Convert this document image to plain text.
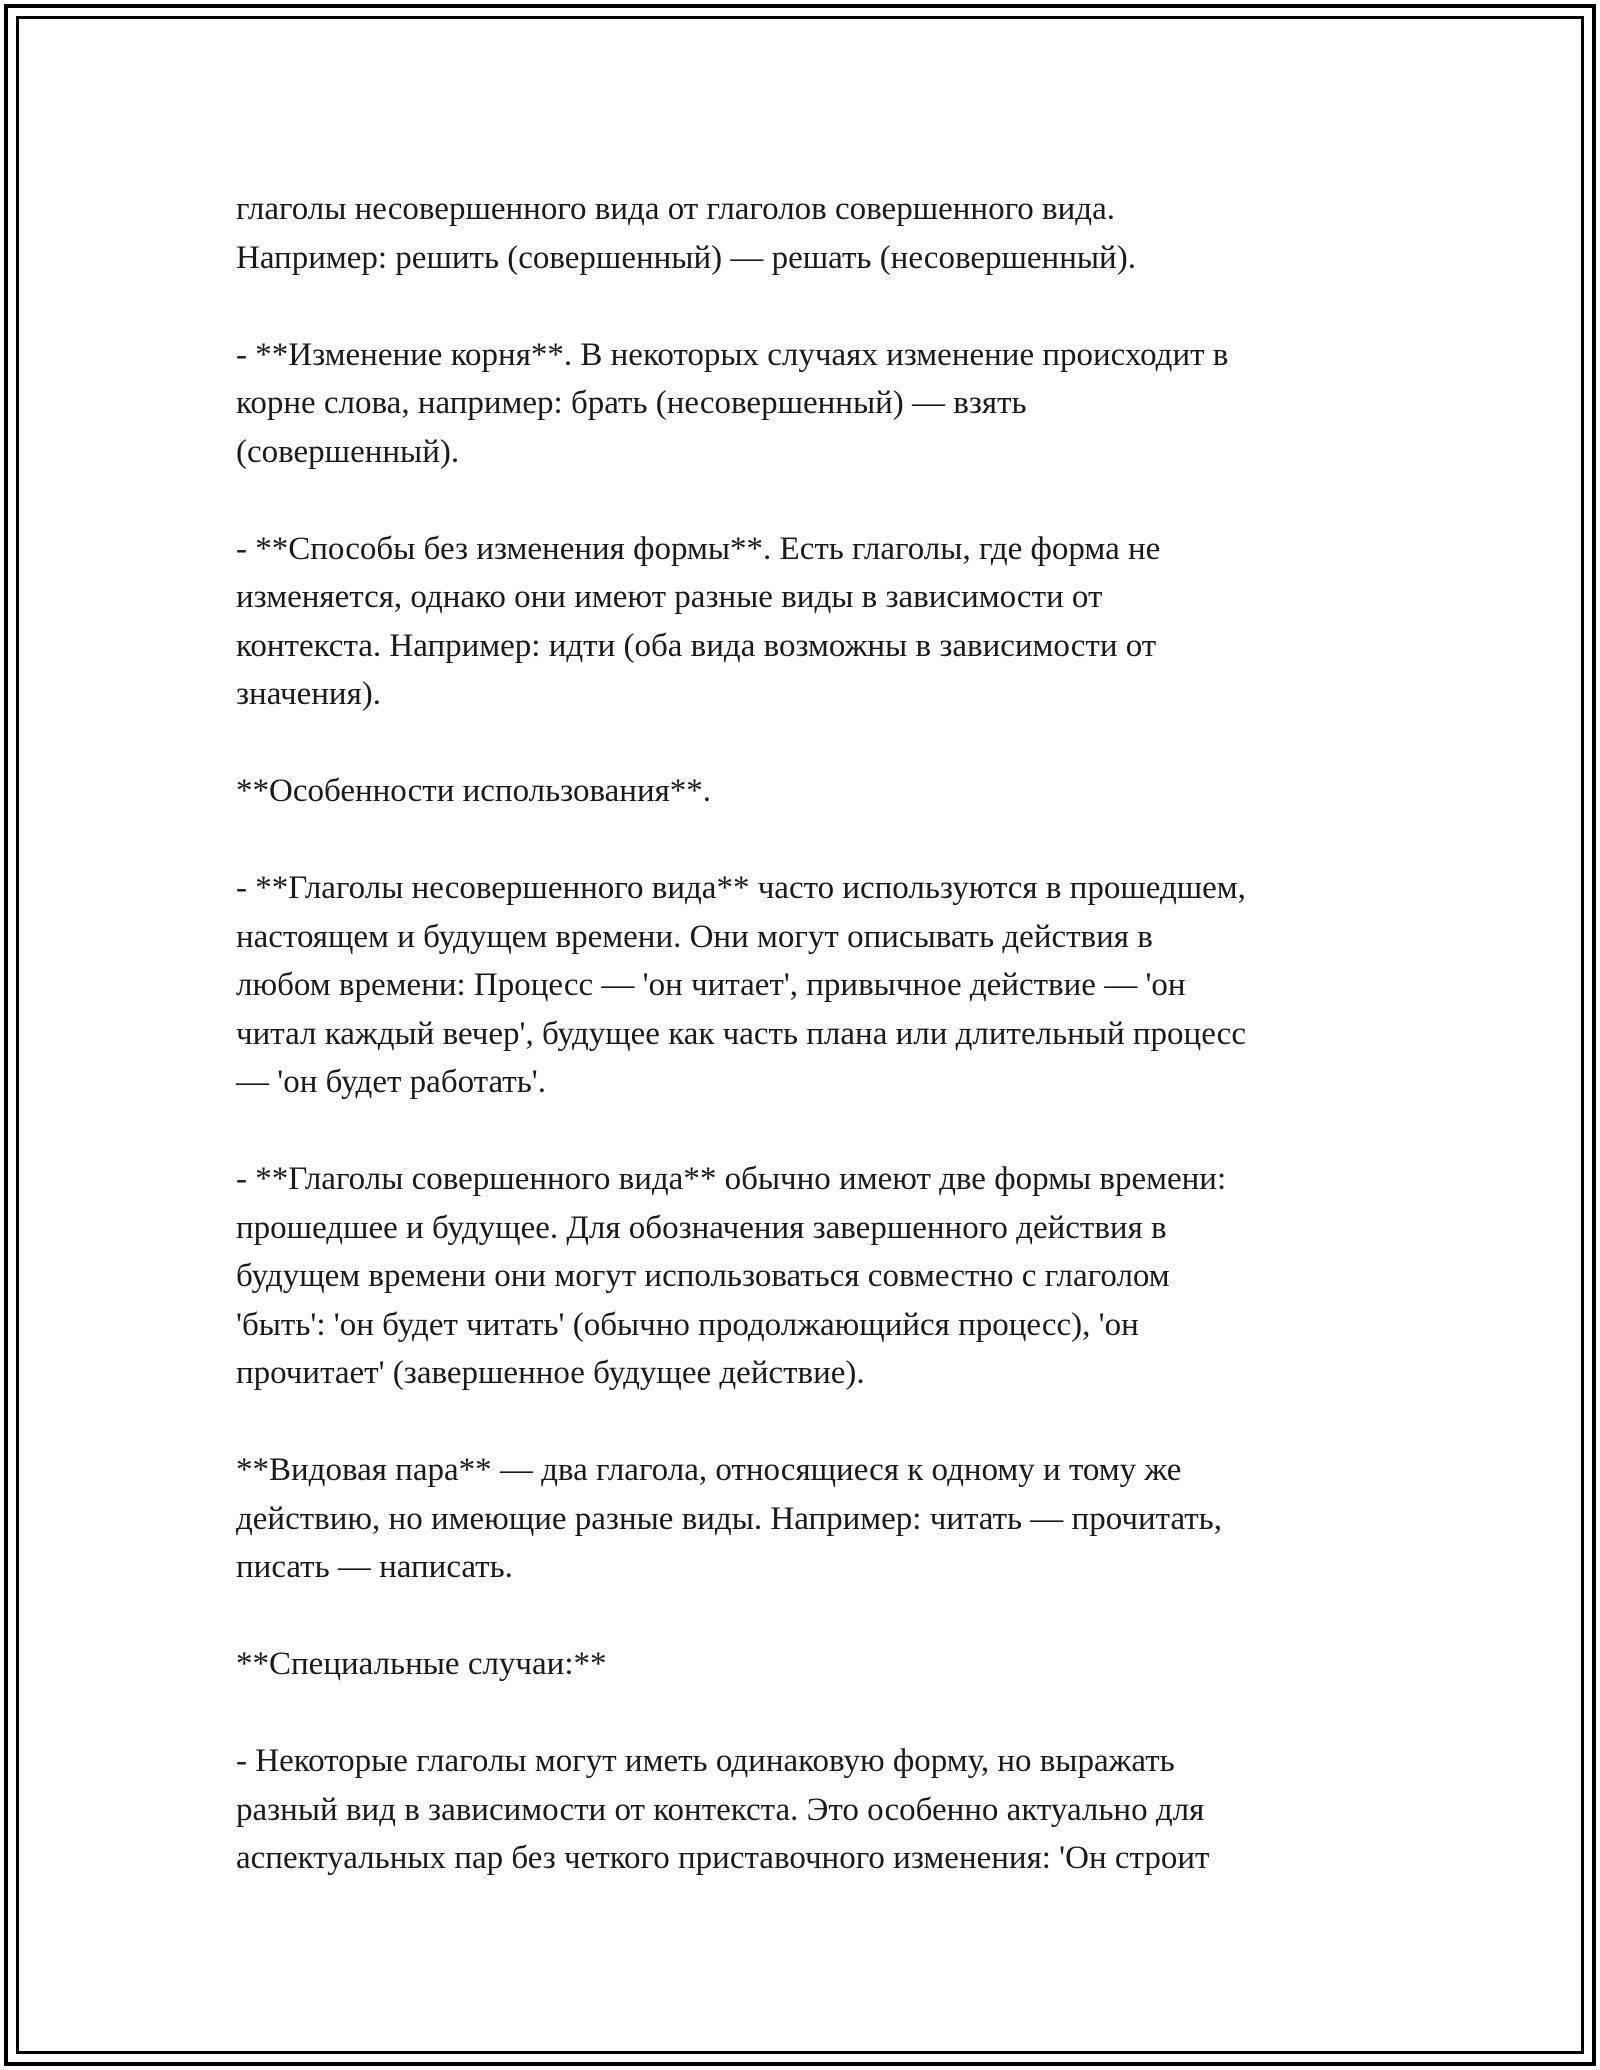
глаголы несовершенного вида от глаголов совершенного вида.
Например: решить (совершенный) — решать (несовершенный).

- **Изменение корня**. В некоторых случаях изменение происходит в
корне слова, например: брать (несовершенный) — взять
(совершенный).

- **Способы без изменения формы**. Есть глаголы, где форма не
изменяется, однако они имеют разные виды в зависимости от
контекста. Например: идти (оба вида возможны в зависимости от
значения).

**Особенности использования**.

- **Глаголы несовершенного вида** часто используются в прошедшем,
настоящем и будущем времени. Они могут описывать действия в
любом времени: Процесс — 'он читает', привычное действие — 'он
читал каждый вечер', будущее как часть плана или длительный процесс
— 'он будет работать'.

- **Глаголы совершенного вида** обычно имеют две формы времени:
прошедшее и будущее. Для обозначения завершенного действия в
будущем времени они могут использоваться совместно с глаголом
'быть': 'он будет читать' (обычно продолжающийся процесс), 'он
прочитает' (завершенное будущее действие).

**Видовая пара** — два глагола, относящиеся к одному и тому же
действию, но имеющие разные виды. Например: читать — прочитать,
писать — написать.

**Специальные случаи:**

- Некоторые глаголы могут иметь одинаковую форму, но выражать
разный вид в зависимости от контекста. Это особенно актуально для
аспектуальных пар без четкого приставочного изменения: 'Он строит
